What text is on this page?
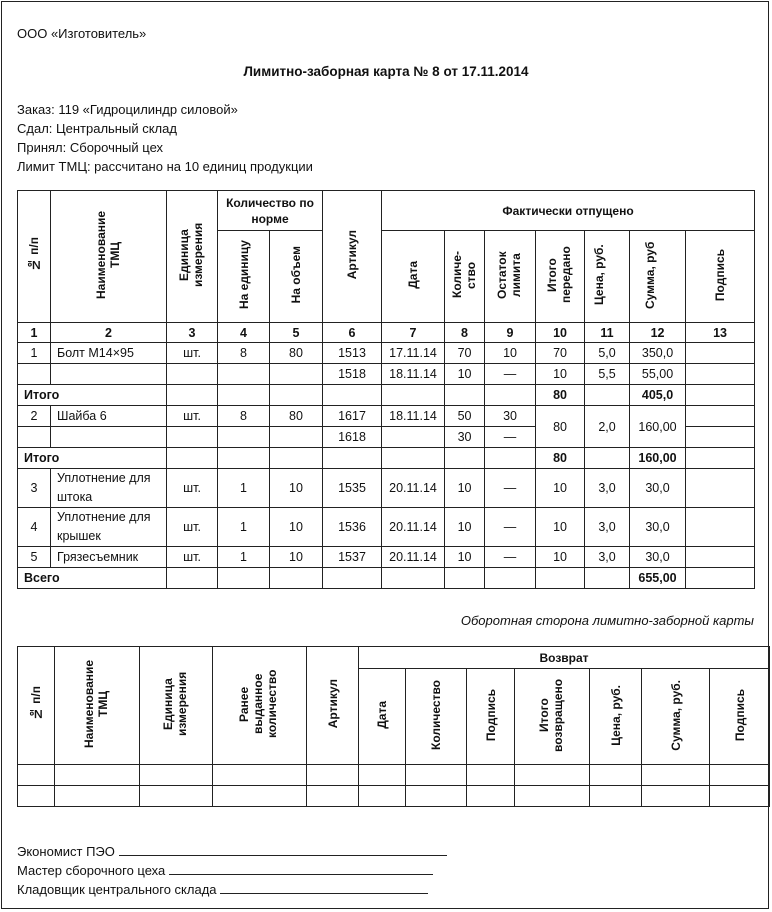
ООО «Изготовитель»
Лимитно-заборная карта № 8 от 17.11.2014
Заказ: 119 «Гидроцилиндр силовой»
Сдал: Центральный склад
Принял: Сборочный цех
Лимит ТМЦ: рассчитано на 10 единиц продукции
№ п/п	Наименование ТМЦ	Единица измерения	Количество по норме		Артикул	Фактически отпущено						
			На единицу	На объем		Дата	Количе-ство	Остаток лимита	Итого передано	Цена, руб.	Сумма, руб	Подпись
1	2	3	4	5	6	7	8	9	10	11	12	13
1	Болт М14×95	шт.	8	80	1513	17.11.14	70	10	70	5,0	350,0	
					1518	18.11.14	10	—	10	5,5	55,00	
Итого									80		405,0	
2	Шайба 6	шт.	8	80	1617	18.11.14	50	30	80	2,0	160,00	
					1618		30	—				
Итого									80		160,00	
3	Уплотнение для штока	шт.	1	10	1535	20.11.14	10	—	10	3,0	30,0	
4	Уплотнение для крышек	шт.	1	10	1536	20.11.14	10	—	10	3,0	30,0	
5	Грязесъемник	шт.	1	10	1537	20.11.14	10	—	10	3,0	30,0	
Всего											655,00	
Оборотная сторона лимитно-заборной карты
№ п/п	Наименование ТМЦ	Единица измерения	Ранее выданное количество	Артикул	Возврат						
					Дата	Количество	Подпись	Итого возвращено	Цена, руб.	Сумма, руб.	Подпись

Экономист ПЭО
Мастер сборочного цеха
Кладовщик центрального склада
